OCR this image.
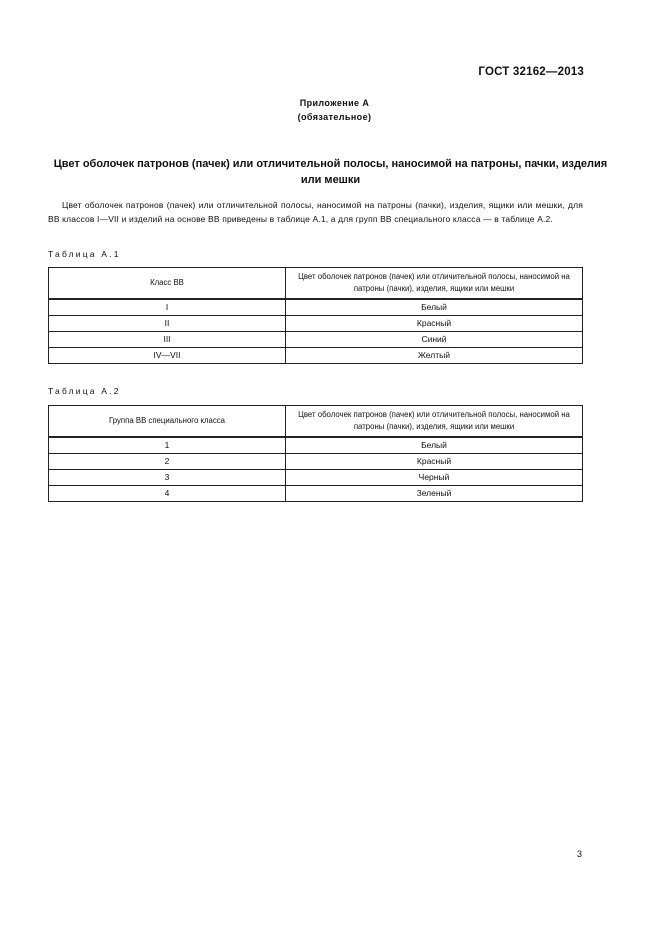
ГОСТ 32162—2013
Приложение А
(обязательное)
Цвет оболочек патронов (пачек) или отличительной полосы, наносимой на патроны, пачки, изделия или мешки
Цвет оболочек патронов (пачек) или отличительной полосы, наносимой на патроны (пачки), изделия, ящики или мешки, для ВВ классов I—VII и изделий на основе ВВ приведены в таблице А.1, а для групп ВВ специального класса — в таблице А.2.
Таблица А.1
Класс ВВ	Цвет оболочек патронов (пачек) или отличительной полосы, наносимой на патроны (пачки), изделия, ящики или мешки
I	Белый
II	Красный
III	Синий
IV—VII	Желтый
Таблица А.2
Группа ВВ специального класса	Цвет оболочек патронов (пачек) или отличительной полосы, наносимой на патроны (пачки), изделия, ящики или мешки
1	Белый
2	Красный
3	Черный
4	Зеленый
3
